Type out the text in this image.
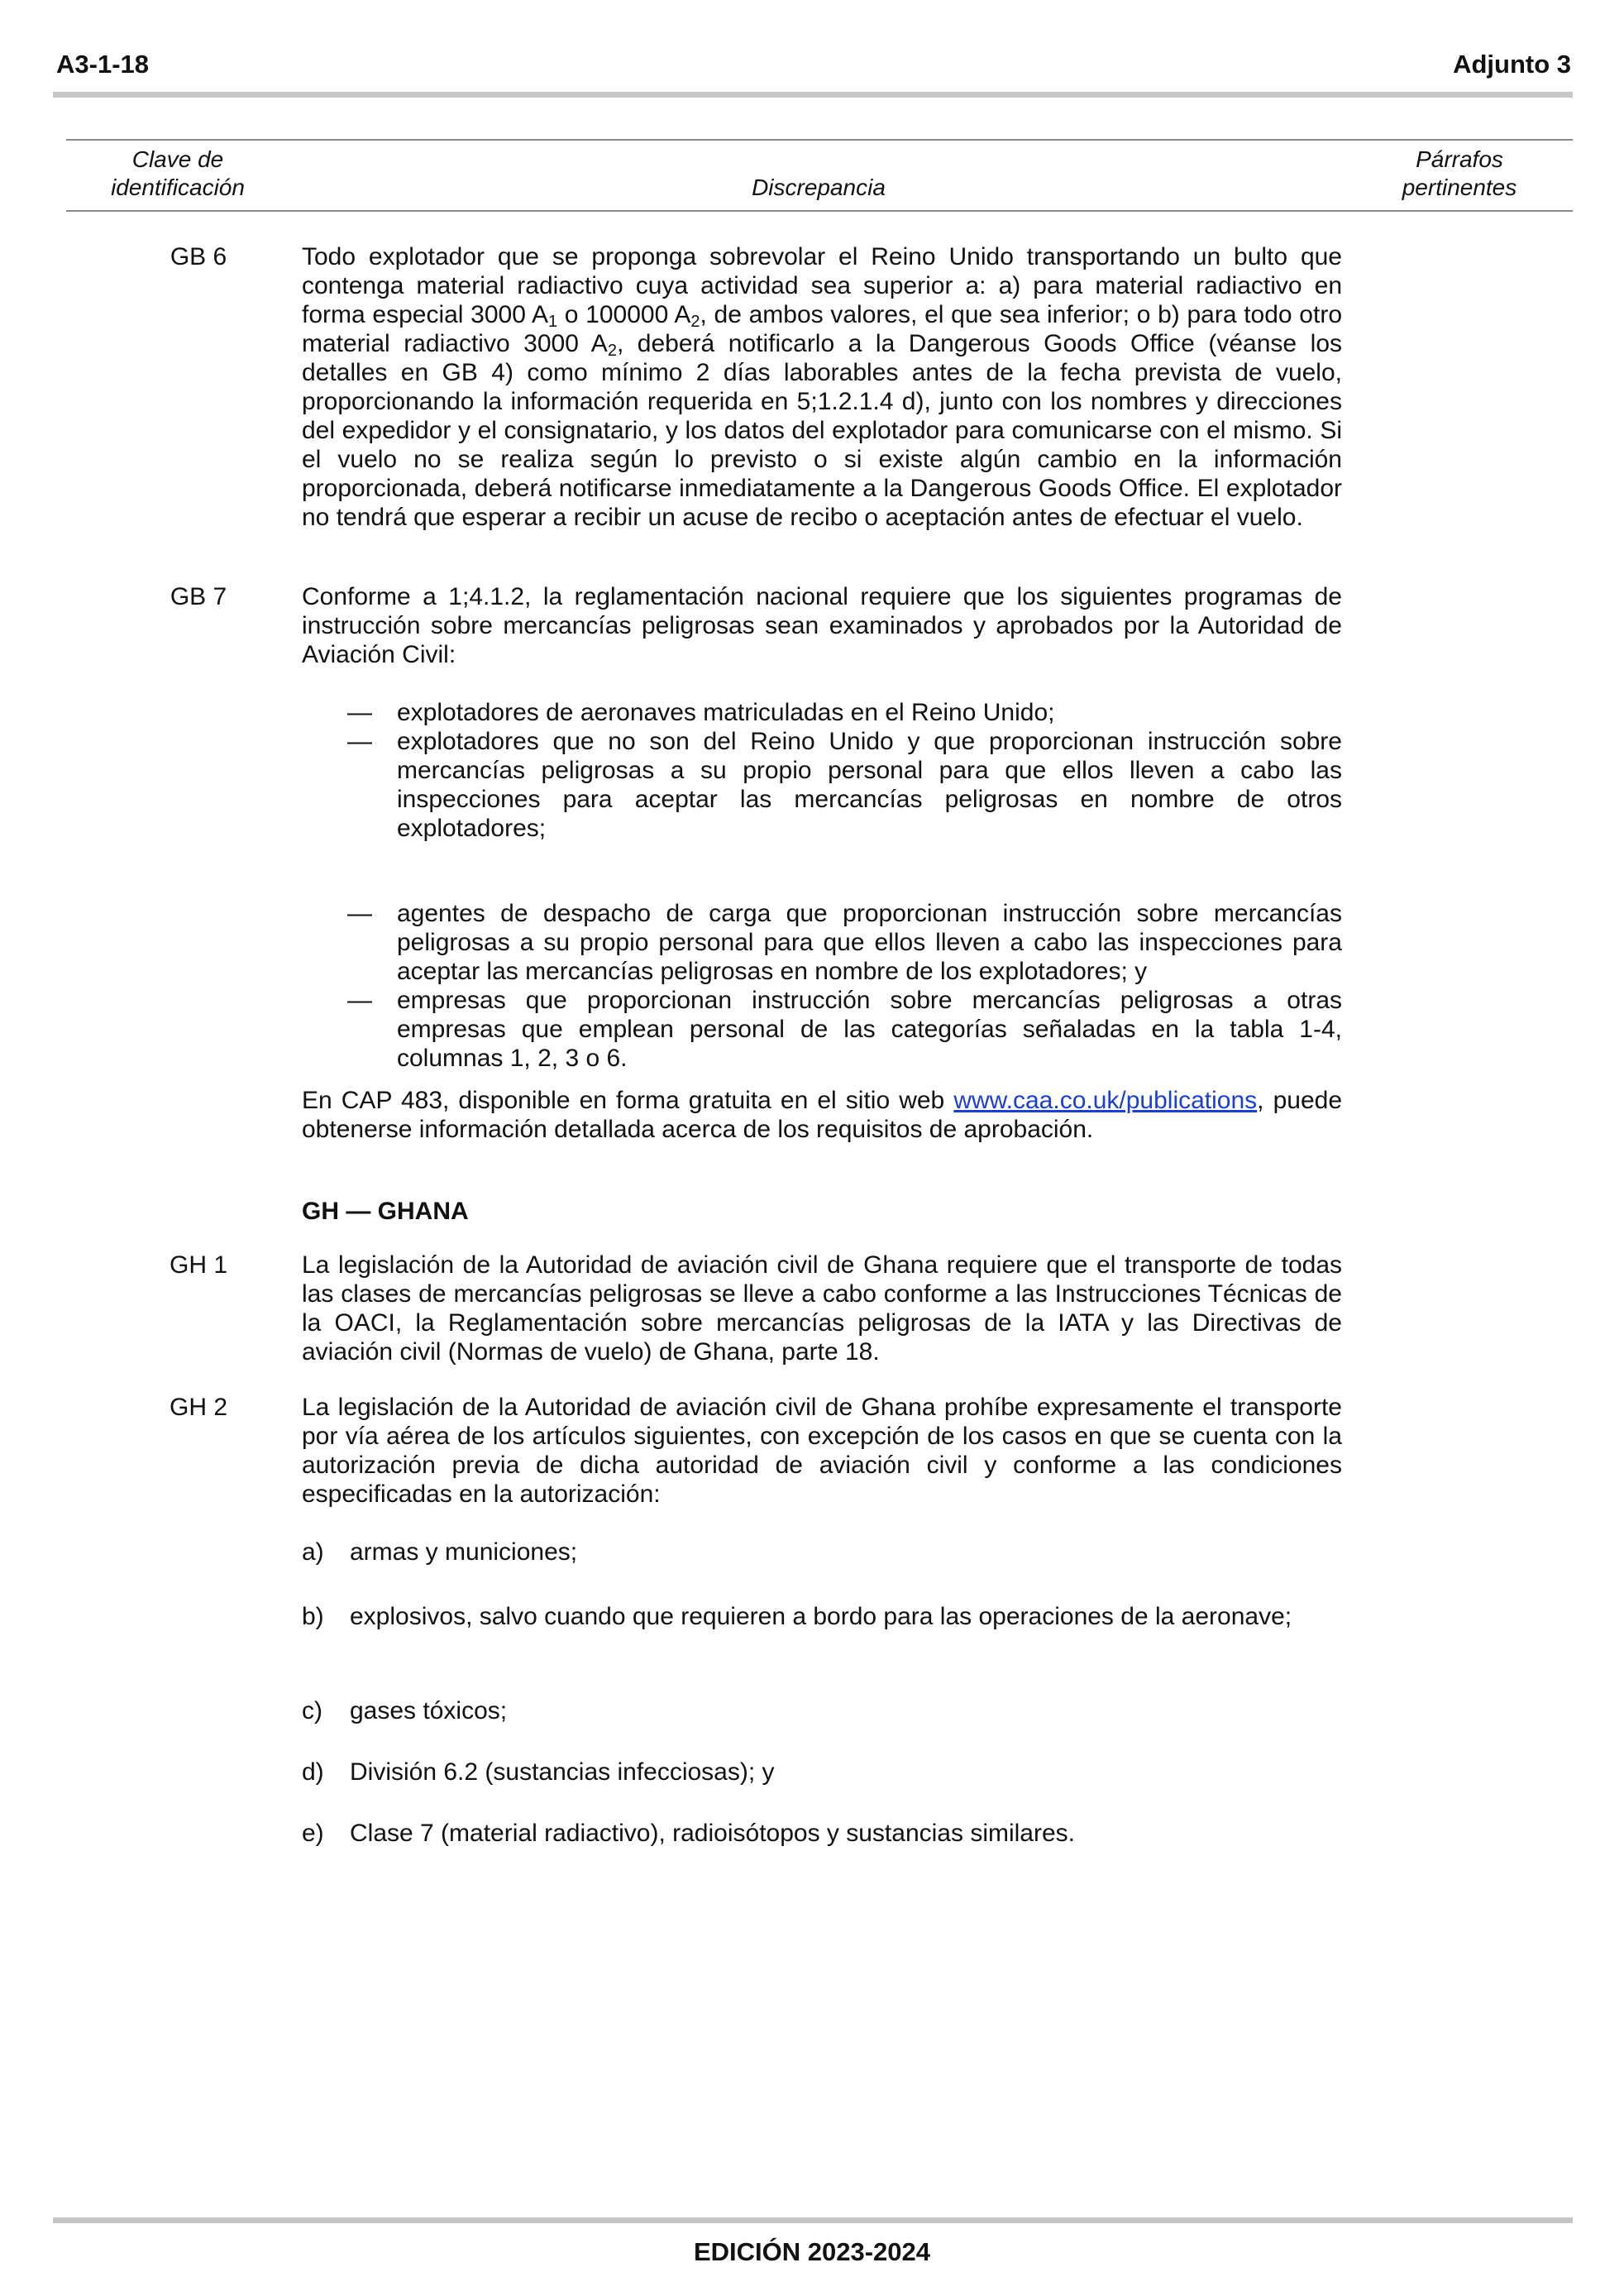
A3-1-18	Adjunto 3
Clave de
identificación	Discrepancia
Párrafos
pertinentes
GB 6	Todo explotador que se proponga sobrevolar el Reino Unido transportando un bulto que contenga material radiactivo cuya actividad sea superior a: a) para material radiactivo en forma especial 3000 $A_1$ o 100000 $A_2$, de ambos valores, el que sea inferior; o b) para todo otro material radiactivo 3000 $A_2$, deberá notificarlo a la Dangerous Goods Office (véanse los detalles en GB 4) como mínimo 2 días laborables antes de la fecha prevista de vuelo, proporcionando la información requerida en 5;1.2.1.4 d), junto con los nombres y direcciones del expedidor y el consignatario, y los datos del explotador para comunicarse con el mismo. Si el vuelo no se realiza según lo previsto o si existe algún cambio en la información proporcionada, deberá notificarse inmediatamente a la Dangerous Goods Office. El explotador no tendrá que esperar a recibir un acuse de recibo o aceptación antes de efectuar el vuelo.

GB 7	Conforme a 1;4.1.2, la reglamentación nacional requiere que los siguientes programas de instrucción sobre mercancías peligrosas sean examinados y aprobados por la Autoridad de Aviación Civil:

— explotadores de aeronaves matriculadas en el Reino Unido;
— explotadores que no son del Reino Unido y que proporcionan instrucción sobre mercancías peligrosas a su propio personal para que ellos lleven a cabo las inspecciones para aceptar las mercancías peligrosas en nombre de otros explotadores;
— agentes de despacho de carga que proporcionan instrucción sobre mercancías peligrosas a su propio personal para que ellos lleven a cabo las inspecciones para aceptar las mercancías peligrosas en nombre de los explotadores; y
— empresas que proporcionan instrucción sobre mercancías peligrosas a otras empresas que emplean personal de las categorías señaladas en la tabla 1-4, columnas 1, 2, 3 o 6.

En CAP 483, disponible en forma gratuita en el sitio web www.caa.co.uk/publications, puede obtenerse información detallada acerca de los requisitos de aprobación.

GH — GHANA
GH 1	La legislación de la Autoridad de aviación civil de Ghana requiere que el transporte de todas las clases de mercancías peligrosas se lleve a cabo conforme a las Instrucciones Técnicas de la OACI, la Reglamentación sobre mercancías peligrosas de la IATA y las Directivas de aviación civil (Normas de vuelo) de Ghana, parte 18.

GH 2	La legislación de la Autoridad de aviación civil de Ghana prohíbe expresamente el transporte por vía aérea de los artículos siguientes, con excepción de los casos en que se cuenta con la autorización previa de dicha autoridad de aviación civil y conforme a las condiciones especificadas en la autorización:

a) armas y municiones;
b) explosivos, salvo cuando que requieren a bordo para las operaciones de la aeronave;
c) gases tóxicos;
d) División 6.2 (sustancias infecciosas); y
e) Clase 7 (material radiactivo), radioisótopos y sustancias similares.
EDICIÓN 2023-2024
